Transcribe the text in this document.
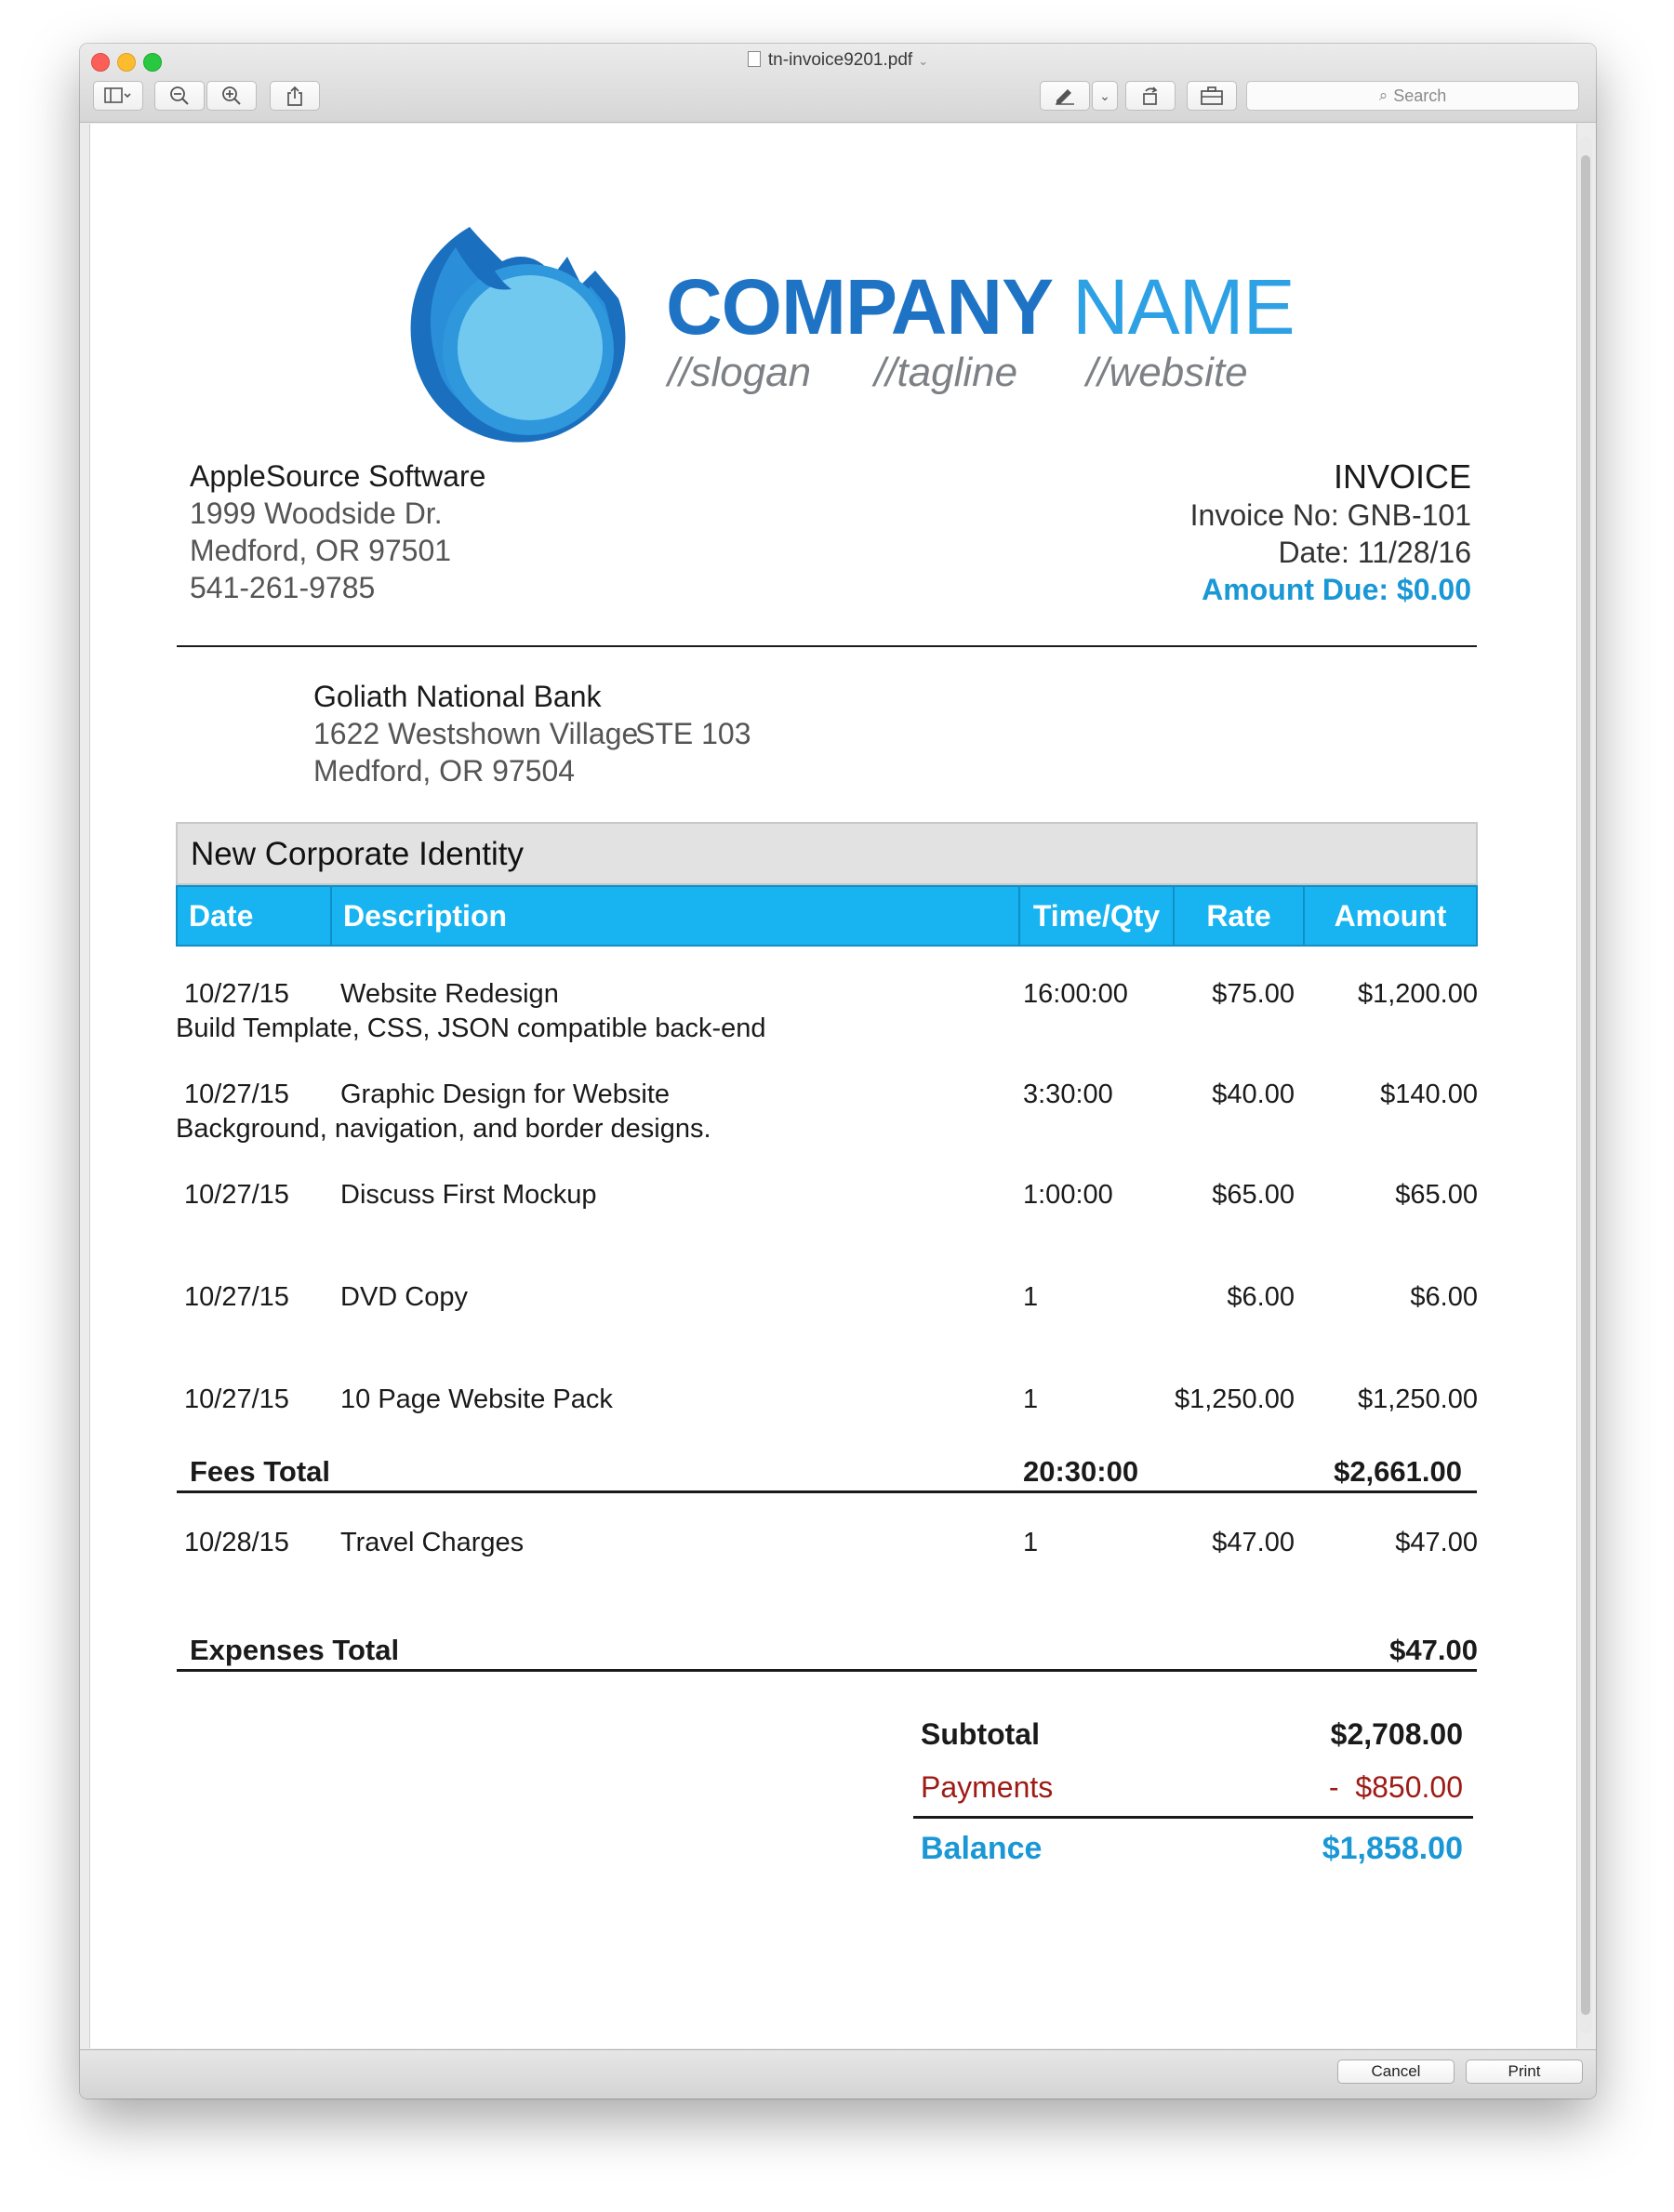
tn-invoice9201.pdf ⌄
⌄	⌕ Search
Cancel	Print
COMPANY NAME
//slogan //tagline //website
AppleSource Software
1999 Woodside Dr.
Medford, OR 97501
541-261-9785
INVOICE
Invoice No: GNB-101
Date: 11/28/16
Amount Due: $0.00
Goliath National Bank
1622 Westshown Village
STE 103
Medford, OR 97504
New Corporate Identity
Date	Description	Time/Qty	Rate	Amount
10/27/15 Website Redesign	16:00:00	$75.00 $1,200.00
Build Template, CSS, JSON compatible back-end
10/27/15 Graphic Design for Website	3:30:00	$40.00	$140.00
Background, navigation, and border designs.
10/27/15 Discuss First Mockup	1:00:00	$65.00	$65.00
10/27/15 DVD Copy	1	$6.00	$6.00
10/27/15 10 Page Website Pack	1	$1,250.00 $1,250.00
Fees Total	20:30:00	$2,661.00
10/28/15 Travel Charges	1	$47.00	$47.00
Expenses Total	$47.00
Subtotal	$2,708.00
Payments	-  $850.00
Balance	$1,858.00
